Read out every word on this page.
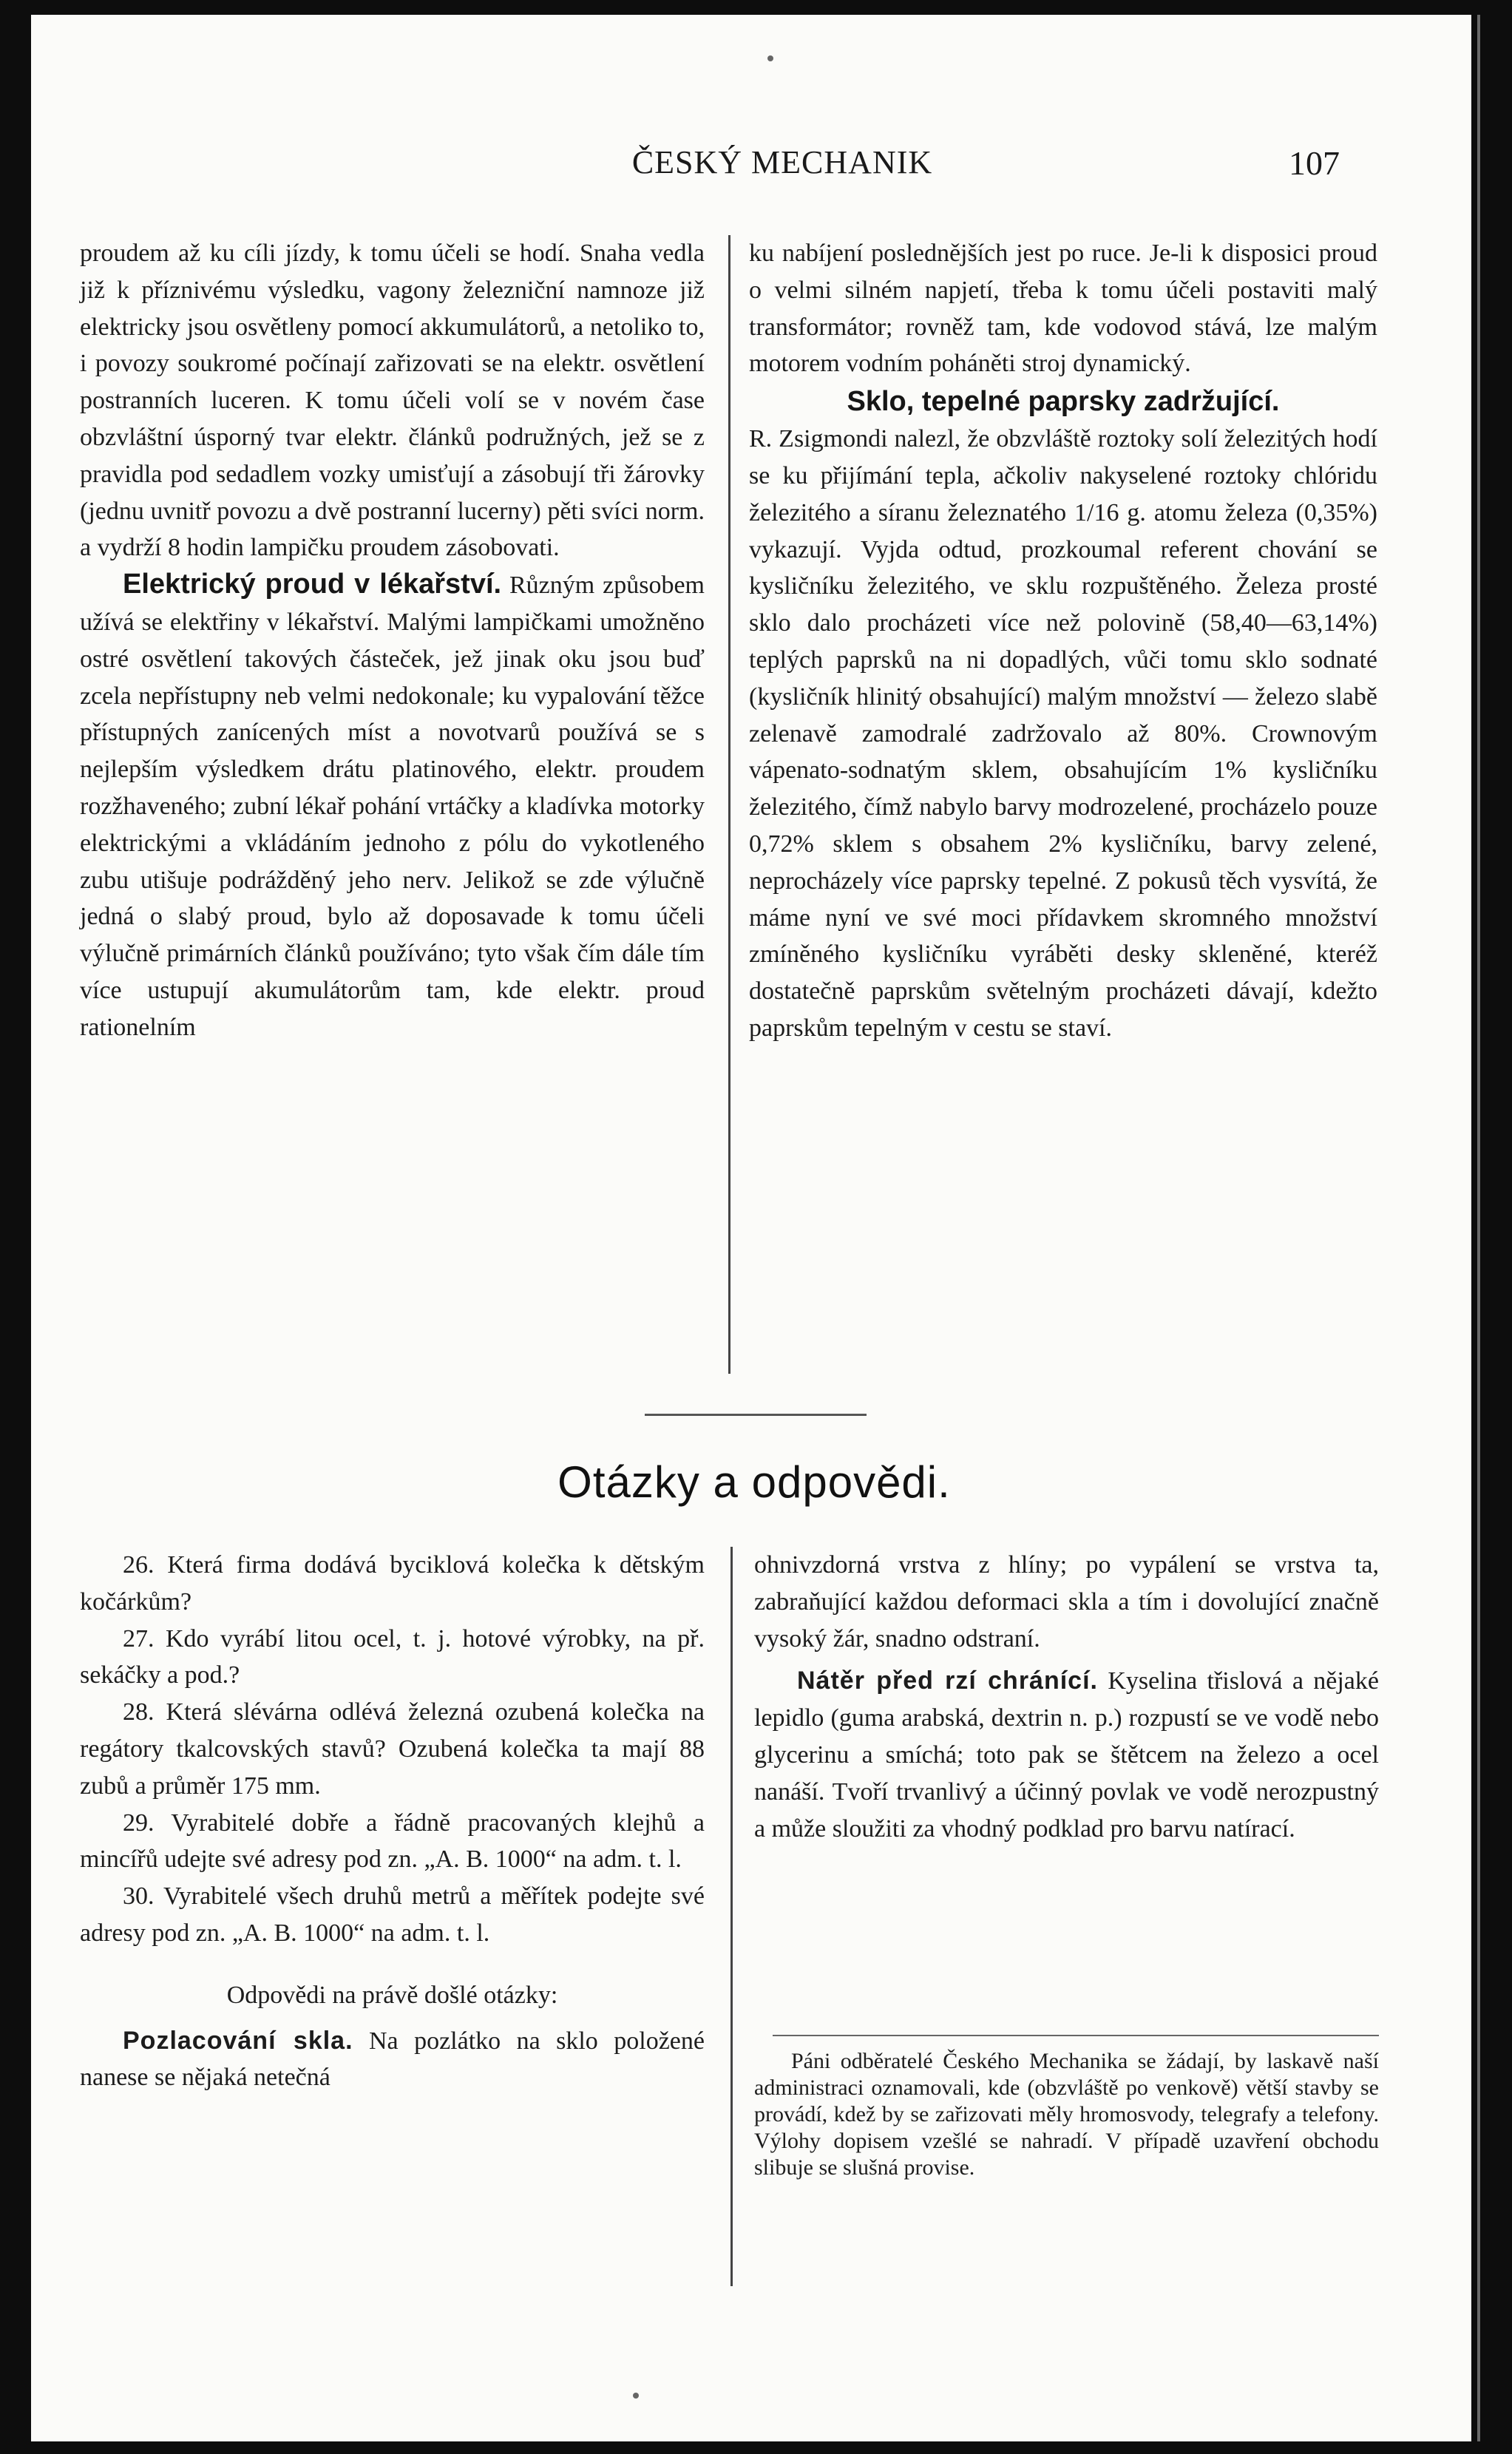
ČESKÝ MECHANIK	107

proudem až ku cíli jízdy, k tomu účeli se hodí. Snaha vedla již k příznivému výsledku, vagony železniční namnoze již elektricky jsou osvětleny pomocí akkumulátorů, a netoliko to, i povozy soukromé počínají zařizovati se na elektr. osvětlení postranních luceren. K tomu účeli volí se v novém čase obzvláštní úsporný tvar elektr. článků podružných, jež se z pravidla pod sedadlem vozky umisťují a zásobují tři žárovky (jednu uvnitř povozu a dvě postranní lucerny) pěti svíci norm. a vydrží 8 hodin lampičku proudem zásobovati.

Elektrický proud v lékařství. Různým způsobem užívá se elektřiny v lékařství. Malými lampičkami umožněno ostré osvětlení takových částeček, jež jinak oku jsou buď zcela nepřístupny neb velmi nedokonale; ku vypalování těžce přístupných zanícených míst a novotvarů používá se s nejlepším výsledkem drátu platinového, elektr. proudem rozžhaveného; zubní lékař pohání vrtáčky a kladívka motorky elektrickými a vkládáním jednoho z pólu do vykotleného zubu utišuje podrážděný jeho nerv. Jelikož se zde výlučně jedná o slabý proud, bylo až doposavade k tomu účeli výlučně primárních článků používáno; tyto však čím dále tím více ustupují akumulátorům tam, kde elektr. proud rationelním

ku nabíjení poslednějších jest po ruce. Je-li k disposici proud o velmi silném napjetí, třeba k tomu účeli postaviti malý transformátor; rovněž tam, kde vodovod stává, lze malým motorem vodním poháněti stroj dynamický.

Sklo, tepelné paprsky zadržující.

R. Zsigmondi nalezl, že obzvláště roztoky solí železitých hodí se ku přijímání tepla, ačkoliv nakyselené roztoky chlóridu železitého a síranu železnatého 1/16 g. atomu železa (0,35%) vykazují. Vyjda odtud, prozkoumal referent chování se kysličníku železitého, ve sklu rozpuštěného. Železa prosté sklo dalo procházeti více než polovině (58,40—63,14%) teplých paprsků na ni dopadlých, vůči tomu sklo sodnaté (kysličník hlinitý obsahující) malým množství — železo slabě zelenavě zamodralé zadržovalo až 80%. Crownovým vápenato-sodnatým sklem, obsahujícím 1% kysličníku železitého, čímž nabylo barvy modrozelené, procházelo pouze 0,72% sklem s obsahem 2% kysličníku, barvy zelené, neprocházely více paprsky tepelné. Z pokusů těch vysvítá, že máme nyní ve své moci přídavkem skromného množství zmíněného kysličníku vyráběti desky skleněné, kteréž dostatečně paprskům světelným procházeti dávají, kdežto paprskům tepelným v cestu se staví.

Otázky a odpovědi.

26. Která firma dodává byciklová kolečka k dětským kočárkům?

27. Kdo vyrábí litou ocel, t. j. hotové výrobky, na př. sekáčky a pod.?

28. Která slévárna odlévá železná ozubená kolečka na regátory tkalcovských stavů? Ozubená kolečka ta mají 88 zubů a průměr 175 mm.

29. Vyrabitelé dobře a řádně pracovaných klejhů a mincířů udejte své adresy pod zn. „A. B. 1000“ na adm. t. l.

30. Vyrabitelé všech druhů metrů a měřítek podejte své adresy pod zn. „A. B. 1000“ na adm. t. l.

Odpovědi na právě došlé otázky:

Pozlacování skla. Na pozlátko na sklo položené nanese se nějaká netečná

ohnivzdorná vrstva z hlíny; po vypálení se vrstva ta, zabraňující každou deformaci skla a tím i dovolující značně vysoký žár, snadno odstraní.

Nátěr před rzí chránící. Kyselina třislová a nějaké lepidlo (guma arabská, dextrin n. p.) rozpustí se ve vodě nebo glycerinu a smíchá; toto pak se štětcem na železo a ocel nanáší. Tvoří trvanlivý a účinný povlak ve vodě nerozpustný a může sloužiti za vhodný podklad pro barvu natírací.

Páni odběratelé Českého Mechanika se žádají, by laskavě naší administraci oznamovali, kde (obzvláště po venkově) větší stavby se provádí, kdež by se zařizovati měly hromosvody, telegrafy a telefony. Výlohy dopisem vzešlé se nahradí. V případě uzavření obchodu slibuje se slušná provise.
